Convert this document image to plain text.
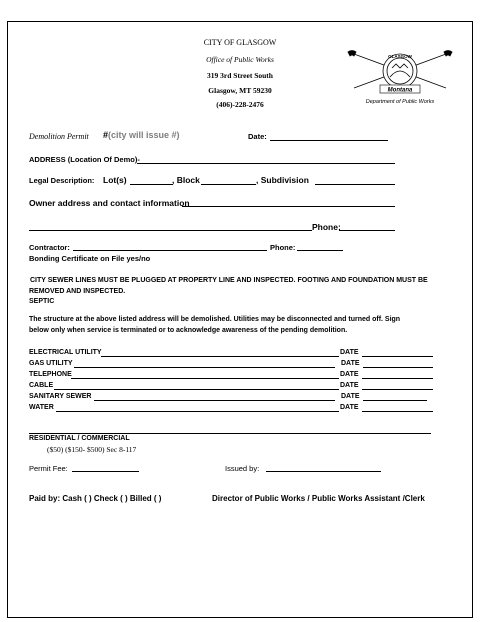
CITY OF GLASGOW
Office of Public Works
319 3rd Street South
Glasgow, MT 59230
(406)-228-2476
GLASGOW
Montana
Department of Public Works
Demolition Permit #(city will issue #)	Date:
ADDRESS (Location Of Demo)-
Legal Description: Lot(s)	, Block	, Subdivision
Owner address and contact information
Phone:
Contractor:	Phone:
Bonding Certificate on File yes/no
CITY SEWER LINES MUST BE PLUGGED AT PROPERTY LINE AND INSPECTED. FOOTING AND FOUNDATION MUST BE
REMOVED AND INSPECTED.
SEPTIC
The structure at the above listed address will be demolished. Utilities may be disconnected and turned off. Sign
below only when service is terminated or to acknowledge awareness of the pending demolition.
ELECTRICAL UTILITY	DATE
GAS UTILITY	DATE
TELEPHONE	DATE
CABLE	DATE
SANITARY SEWER	DATE
WATER	DATE
RESIDENTIAL / COMMERCIAL
($50) ($150- $500) Sec 8-117
Permit Fee:	Issued by:
Paid by: Cash ( ) Check ( ) Billed ( )	Director of Public Works / Public Works Assistant /Clerk
